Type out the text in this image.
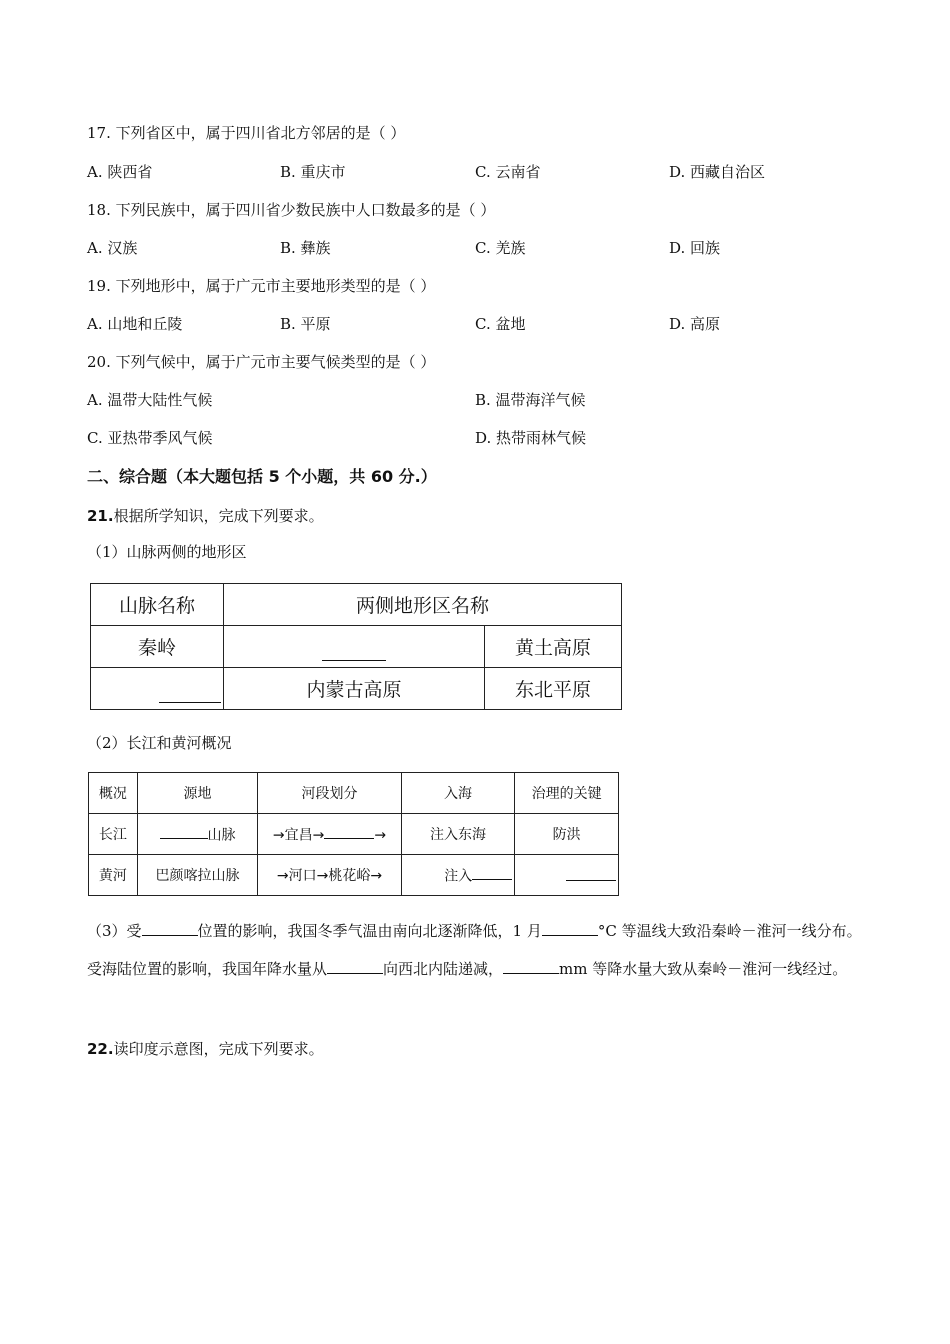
17. 下列省区中，属于四川省北方邻居的是（ ）
A. 陕西省	B. 重庆市	C. 云南省	D. 西藏自治区
18. 下列民族中，属于四川省少数民族中人口数最多的是（ ）
A. 汉族	B. 彝族	C. 羌族	D. 回族
19. 下列地形中，属于广元市主要地形类型的是（ ）
A. 山地和丘陵	B. 平原	C. 盆地	D. 高原
20. 下列气候中，属于广元市主要气候类型的是（ ）
A. 温带大陆性气候	B. 温带海洋气候
C. 亚热带季风气候	D. 热带雨林气候
二、综合题（本大题包括 5 个小题，共 60 分.）
21.根据所学知识，完成下列要求。
（1）山脉两侧的地形区
山脉名称	两侧地形区名称	
秦岭		黄土高原
	内蒙古高原	东北平原
（2）长江和黄河概况
概况	源地	河段划分	入海	治理的关键
长江	山脉	→宜昌→ →	注入东海	防洪
黄河	巴颜喀拉山脉	→河口→桃花峪→	注入	
（3）受	位置的影响，我国冬季气温由南向北逐渐降低，1 月	°C 等温线大致沿秦岭－淮河一线分布。受海陆位置的影响，我国年降水量从	向西北内陆递减，	mm 等降水量大致从秦岭－淮河一线经过。
22.读印度示意图，完成下列要求。
